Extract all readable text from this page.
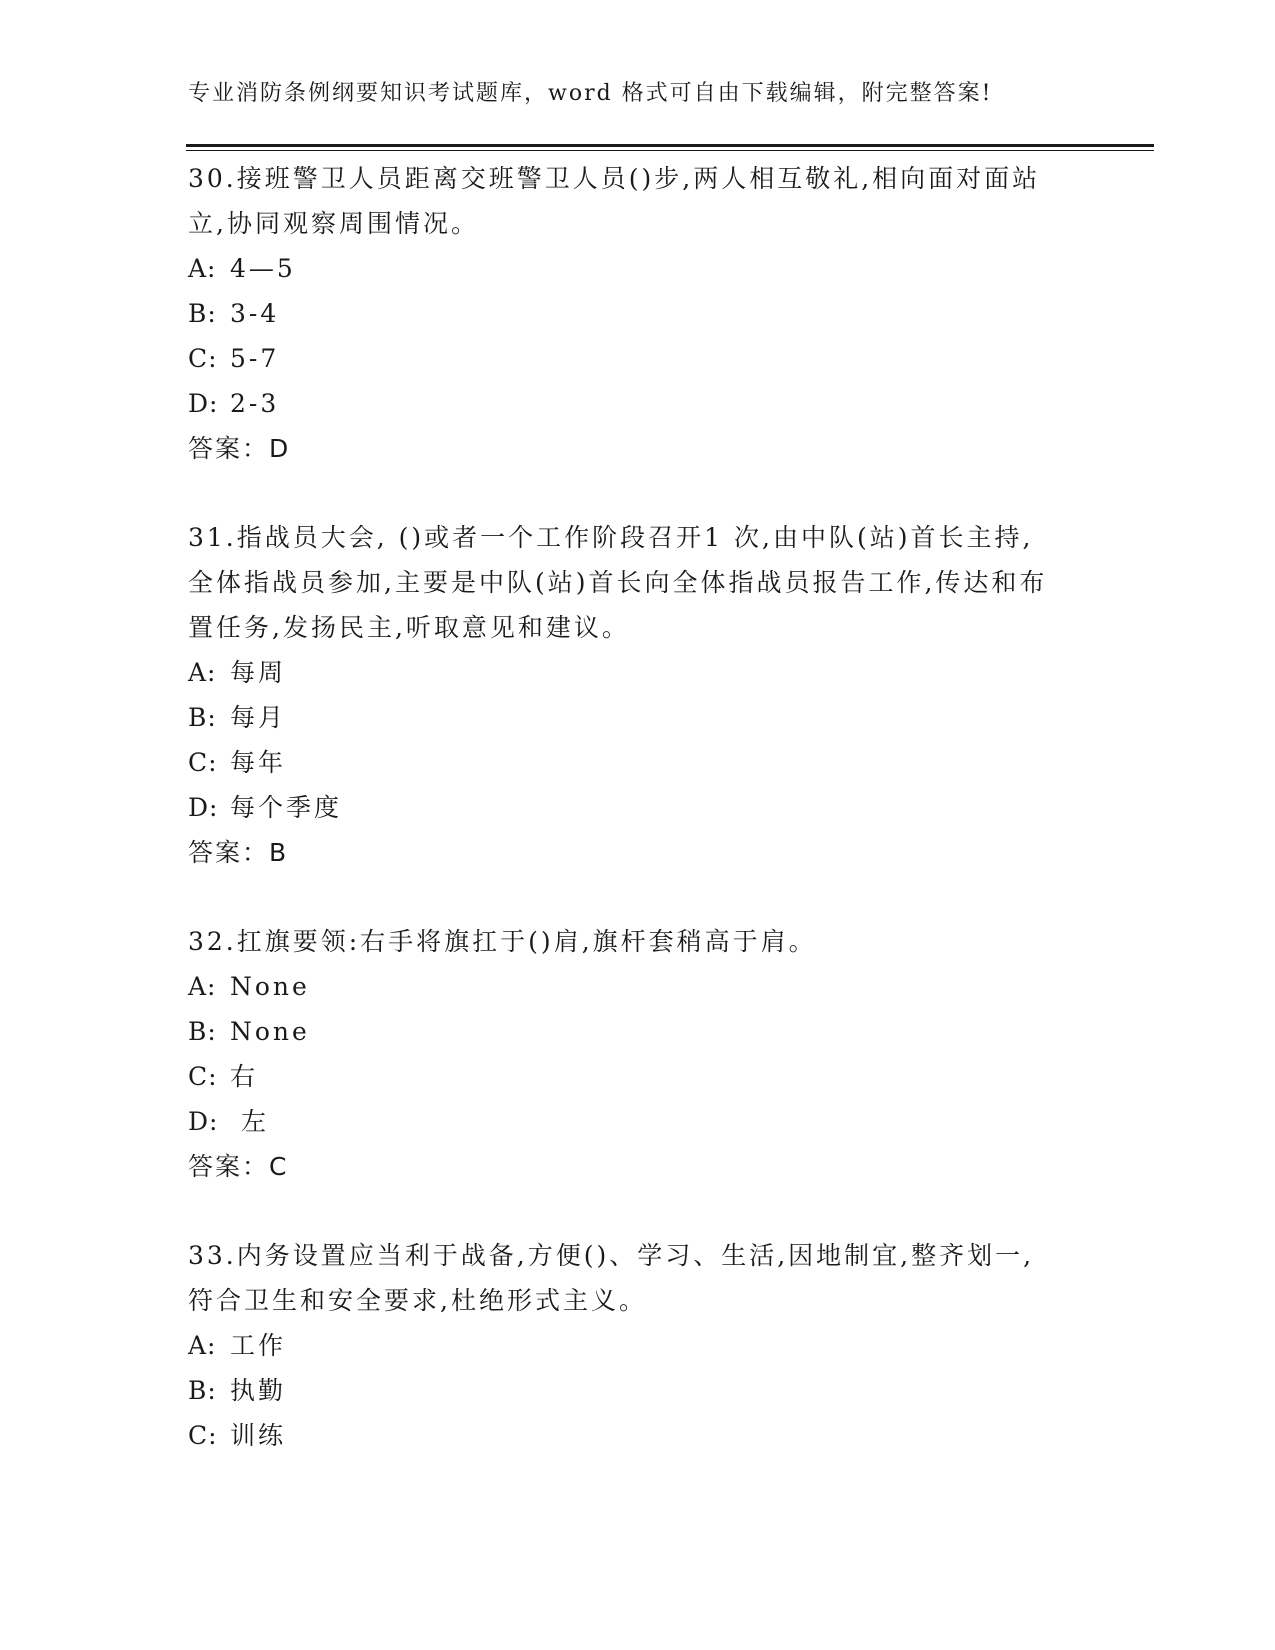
专业消防条例纲要知识考试题库，word 格式可自由下载编辑，附完整答案!

30.接班警卫人员距离交班警卫人员()步,两人相互敬礼,相向面对面站立,协同观察周围情况。

A: 4—5
B: 3-4
C: 5-7
D: 2-3
答案：D

31.指战员大会, ()或者一个工作阶段召开1 次,由中队(站)首长主持,全体指战员参加,主要是中队(站)首长向全体指战员报告工作,传达和布置任务,发扬民主,听取意见和建议。

A: 每周
B: 每月
C: 每年
D: 每个季度
答案：B

32.扛旗要领:右手将旗扛于()肩,旗杆套稍高于肩。

A: None
B: None
C: 右
D: 左
答案：C

33.内务设置应当利于战备,方便()、学习、生活,因地制宜,整齐划一,符合卫生和安全要求,杜绝形式主义。

A: 工作
B: 执勤
C: 训练
